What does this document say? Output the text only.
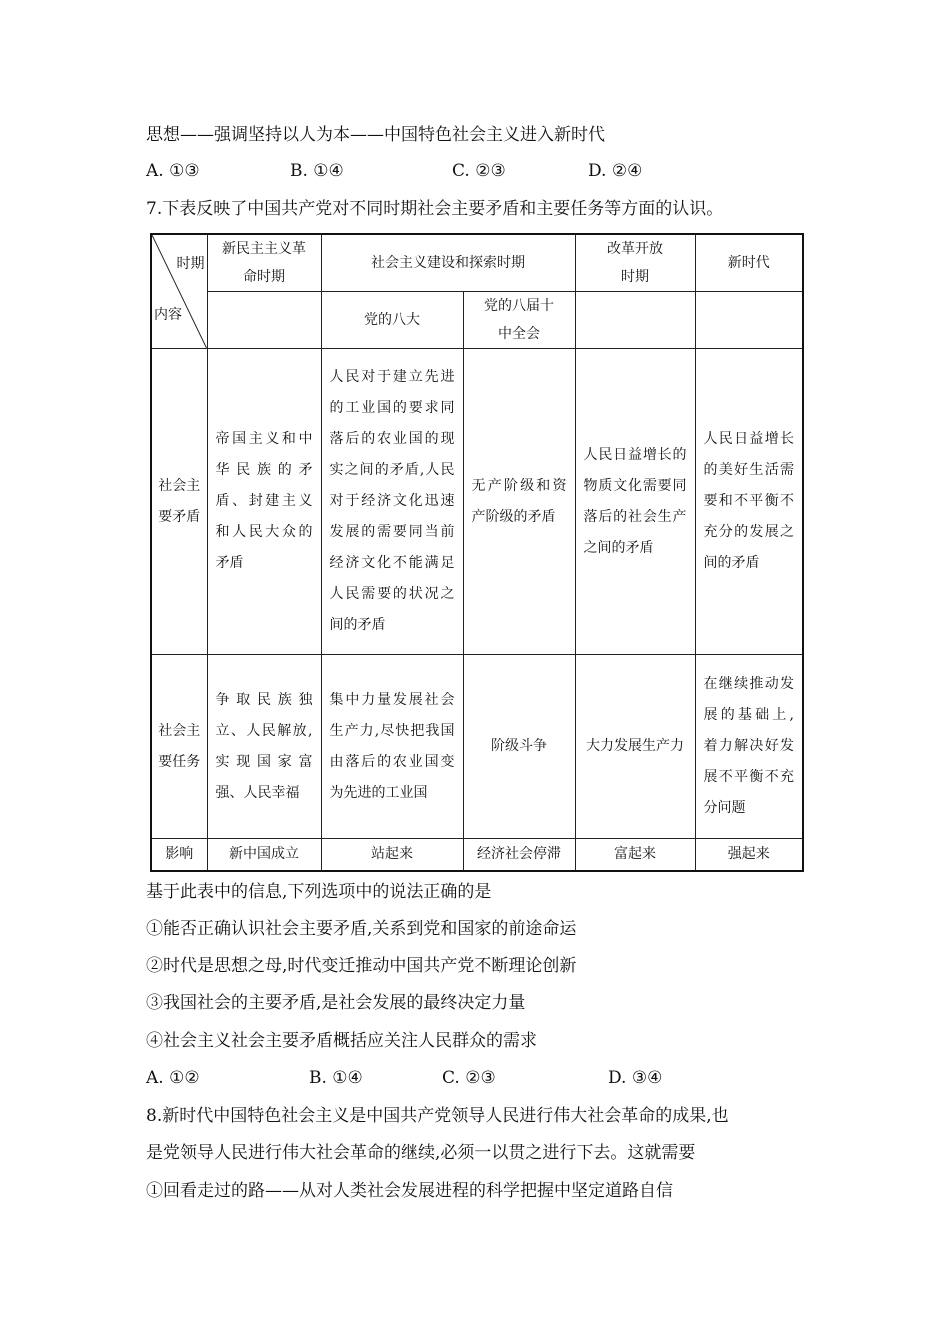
思想——强调坚持以人为本——中国特色社会主义进入新时代
A. ①③	B. ①④	C. ②③	D. ②④
7.下表反映了中国共产党对不同时期社会主要矛盾和主要任务等方面的认识。
时期
内容	新民主主义革命时期	社会主义建设和探索时期		改革开放时期	新时代
		党的八大	党的八届十中全会		
社会主要矛盾	帝国主义和中华民族的矛盾、封建主义和人民大众的矛盾	人民对于建立先进的工业国的要求同落后的农业国的现实之间的矛盾,人民对于经济文化迅速发展的需要同当前经济文化不能满足人民需要的状况之间的矛盾	无产阶级和资产阶级的矛盾	人民日益增长的物质文化需要同落后的社会生产之间的矛盾	人民日益增长的美好生活需要和不平衡不充分的发展之间的矛盾
社会主要任务	争取民族独立、人民解放,实现国家富强、人民幸福	集中力量发展社会生产力,尽快把我国由落后的农业国变为先进的工业国	阶级斗争	大力发展生产力	在继续推动发展的基础上, 着力解决好发展不平衡不充分问题
影响	新中国成立	站起来	经济社会停滞	富起来	强起来
基于此表中的信息,下列选项中的说法正确的是
①能否正确认识社会主要矛盾,关系到党和国家的前途命运
②时代是思想之母,时代变迁推动中国共产党不断理论创新
③我国社会的主要矛盾,是社会发展的最终决定力量
④社会主义社会主要矛盾概括应关注人民群众的需求
A. ①②	B. ①④	C. ②③	D. ③④
8.新时代中国特色社会主义是中国共产党领导人民进行伟大社会革命的成果,也
是党领导人民进行伟大社会革命的继续,必须一以贯之进行下去。这就需要
①回看走过的路——从对人类社会发展进程的科学把握中坚定道路自信
